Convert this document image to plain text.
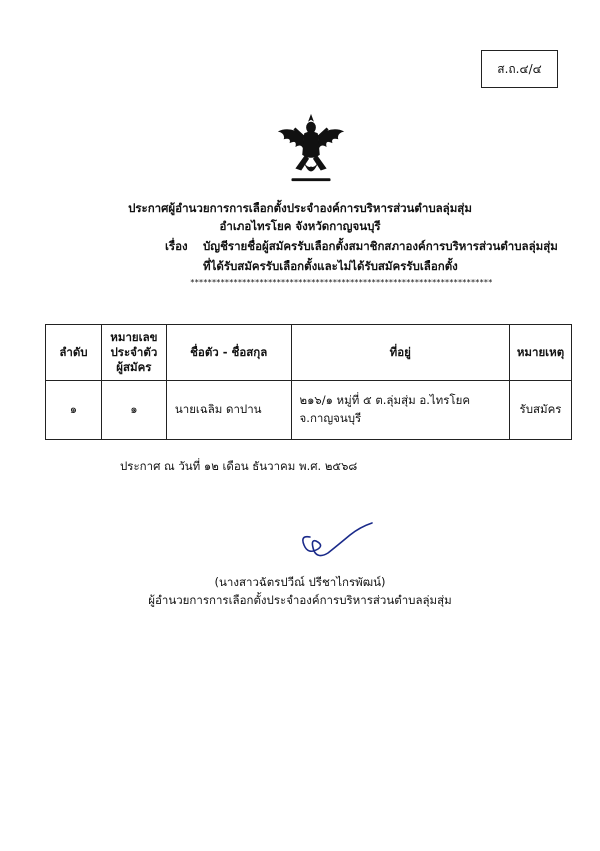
ส.ถ.๔/๔
ประกาศผู้อำนวยการการเลือกตั้งประจำองค์การบริหารส่วนตำบลลุ่มสุ่ม
อำเภอไทรโยค จังหวัดกาญจนบุรี
เรื่อง บัญชีรายชื่อผู้สมัครรับเลือกตั้งสมาชิกสภาองค์การบริหารส่วนตำบลลุ่มสุ่ม
ที่ได้รับสมัครรับเลือกตั้งและไม่ได้รับสมัครรับเลือกตั้ง
**********************************************************************
ลำดับ	หมายเลข
ประจำตัว
ผู้สมัคร	ชื่อตัว - ชื่อสกุล	ที่อยู่	หมายเหตุ
๑	๑	นายเฉลิม ดาปาน	๒๑๖/๑ หมู่ที่ ๕ ต.ลุ่มสุ่ม อ.ไทรโยค จ.กาญจนบุรี	รับสมัคร
ประกาศ ณ วันที่ ๑๒ เดือน ธันวาคม พ.ศ. ๒๕๖๘
(นางสาวฉัตรปวีณ์ ปรีชาไกรพัฒน์)
ผู้อำนวยการการเลือกตั้งประจำองค์การบริหารส่วนตำบลลุ่มสุ่ม
